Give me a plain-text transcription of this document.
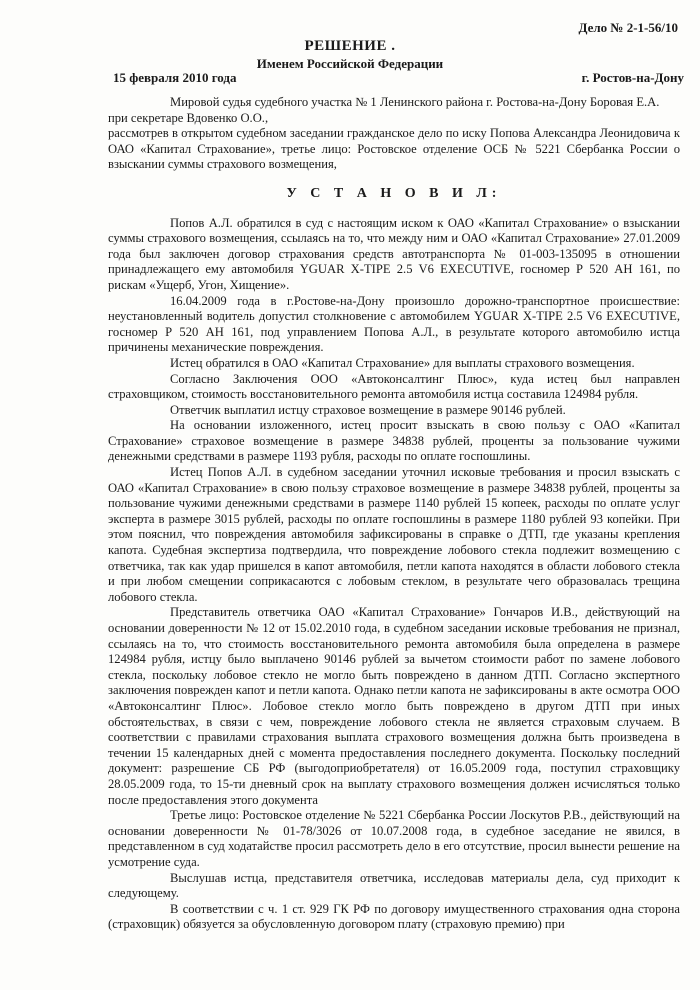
Дело № 2-1-56/10
РЕШЕНИЕ .
Именем Российской Федерации
15 февраля 2010 года	г. Ростов-на-Дону

Мировой судья судебного участка № 1 Ленинского района г. Ростова-на-Дону Боровая Е.А.

при секретаре Вдовенко О.О.,

рассмотрев в открытом судебном заседании гражданское дело по иску Попова Александра Леонидовича к ОАО «Капитал Страхование», третье лицо: Ростовское отделение ОСБ № 5221 Сбербанка России о взыскании суммы страхового возмещения,

У С Т А Н О В И Л:

Попов А.Л. обратился в суд с настоящим иском к ОАО «Капитал Страхование» о взыскании суммы страхового возмещения, ссылаясь на то, что между ним и ОАО «Капитал Страхование» 27.01.2009 года был заключен договор страхования средств автотранспорта № 01-003-135095 в отношении принадлежащего ему автомобиля YGUAR X-TIPE 2.5 V6 EXECUTIVE, госномер Р 520 АН 161, по рискам «Ущерб, Угон, Хищение».

16.04.2009 года в г.Ростове-на-Дону произошло дорожно-транспортное происшествие: неустановленный водитель допустил столкновение с автомобилем YGUAR X-TIPE 2.5 V6 EXECUTIVE, госномер Р 520 АН 161, под управлением Попова А.Л., в результате которого автомобилю истца причинены механические повреждения.

Истец обратился в ОАО «Капитал Страхование» для выплаты страхового возмещения.

Согласно Заключения ООО «Автоконсалтинг Плюс», куда истец был направлен страховщиком, стоимость восстановительного ремонта автомобиля истца составила 124984 рубля.

Ответчик выплатил истцу страховое возмещение в размере 90146 рублей.

На основании изложенного, истец просит взыскать в свою пользу с ОАО «Капитал Страхование» страховое возмещение в размере 34838 рублей, проценты за пользование чужими денежными средствами в размере 1193 рубля, расходы по оплате госпошлины.

Истец Попов А.Л. в судебном заседании уточнил исковые требования и просил взыскать с ОАО «Капитал Страхование» в свою пользу страховое возмещение в размере 34838 рублей, проценты за пользование чужими денежными средствами в размере 1140 рублей 15 копеек, расходы по оплате услуг эксперта в размере 3015 рублей, расходы по оплате госпошлины в размере 1180 рублей 93 копейки. При этом пояснил, что повреждения автомобиля зафиксированы в справке о ДТП, где указаны крепления капота. Судебная экспертиза подтвердила, что повреждение лобового стекла подлежит возмещению с ответчика, так как удар пришелся в капот автомобиля, петли капота находятся в области лобового стекла и при любом смещении соприкасаются с лобовым стеклом, в результате чего образовалась трещина лобового стекла.

Представитель ответчика ОАО «Капитал Страхование» Гончаров И.В., действующий на основании доверенности № 12 от 15.02.2010 года, в судебном заседании исковые требования не признал, ссылаясь на то, что стоимость восстановительного ремонта автомобиля была определена в размере 124984 рубля, истцу было выплачено 90146 рублей за вычетом стоимости работ по замене лобового стекла, поскольку лобовое стекло не могло быть повреждено в данном ДТП. Согласно экспертного заключения поврежден капот и петли капота. Однако петли капота не зафиксированы в акте осмотра ООО «Автоконсалтинг Плюс». Лобовое стекло могло быть повреждено в другом ДТП при иных обстоятельствах, в связи с чем, повреждение лобового стекла не является страховым случаем. В соответствии с правилами страхования выплата страхового возмещения должна быть произведена в течении 15 календарных дней с момента предоставления последнего документа. Поскольку последний документ: разрешение СБ РФ (выгодоприобретателя) от 16.05.2009 года, поступил страховщику 28.05.2009 года, то 15-ти дневный срок на выплату страхового возмещения должен исчисляться только после предоставления этого документа

Третье лицо: Ростовское отделение № 5221 Сбербанка России Лоскутов Р.В., действующий на основании доверенности № 01-78/3026 от 10.07.2008 года, в судебное заседание не явился, в представленном в суд ходатайстве просил рассмотреть дело в его отсутствие, просил вынести решение на усмотрение суда.

Выслушав истца, представителя ответчика, исследовав материалы дела, суд приходит к следующему.

В соответствии с ч. 1 ст. 929 ГК РФ по договору имущественного страхования одна сторона (страховщик) обязуется за обусловленную договором плату (страховую премию) при
